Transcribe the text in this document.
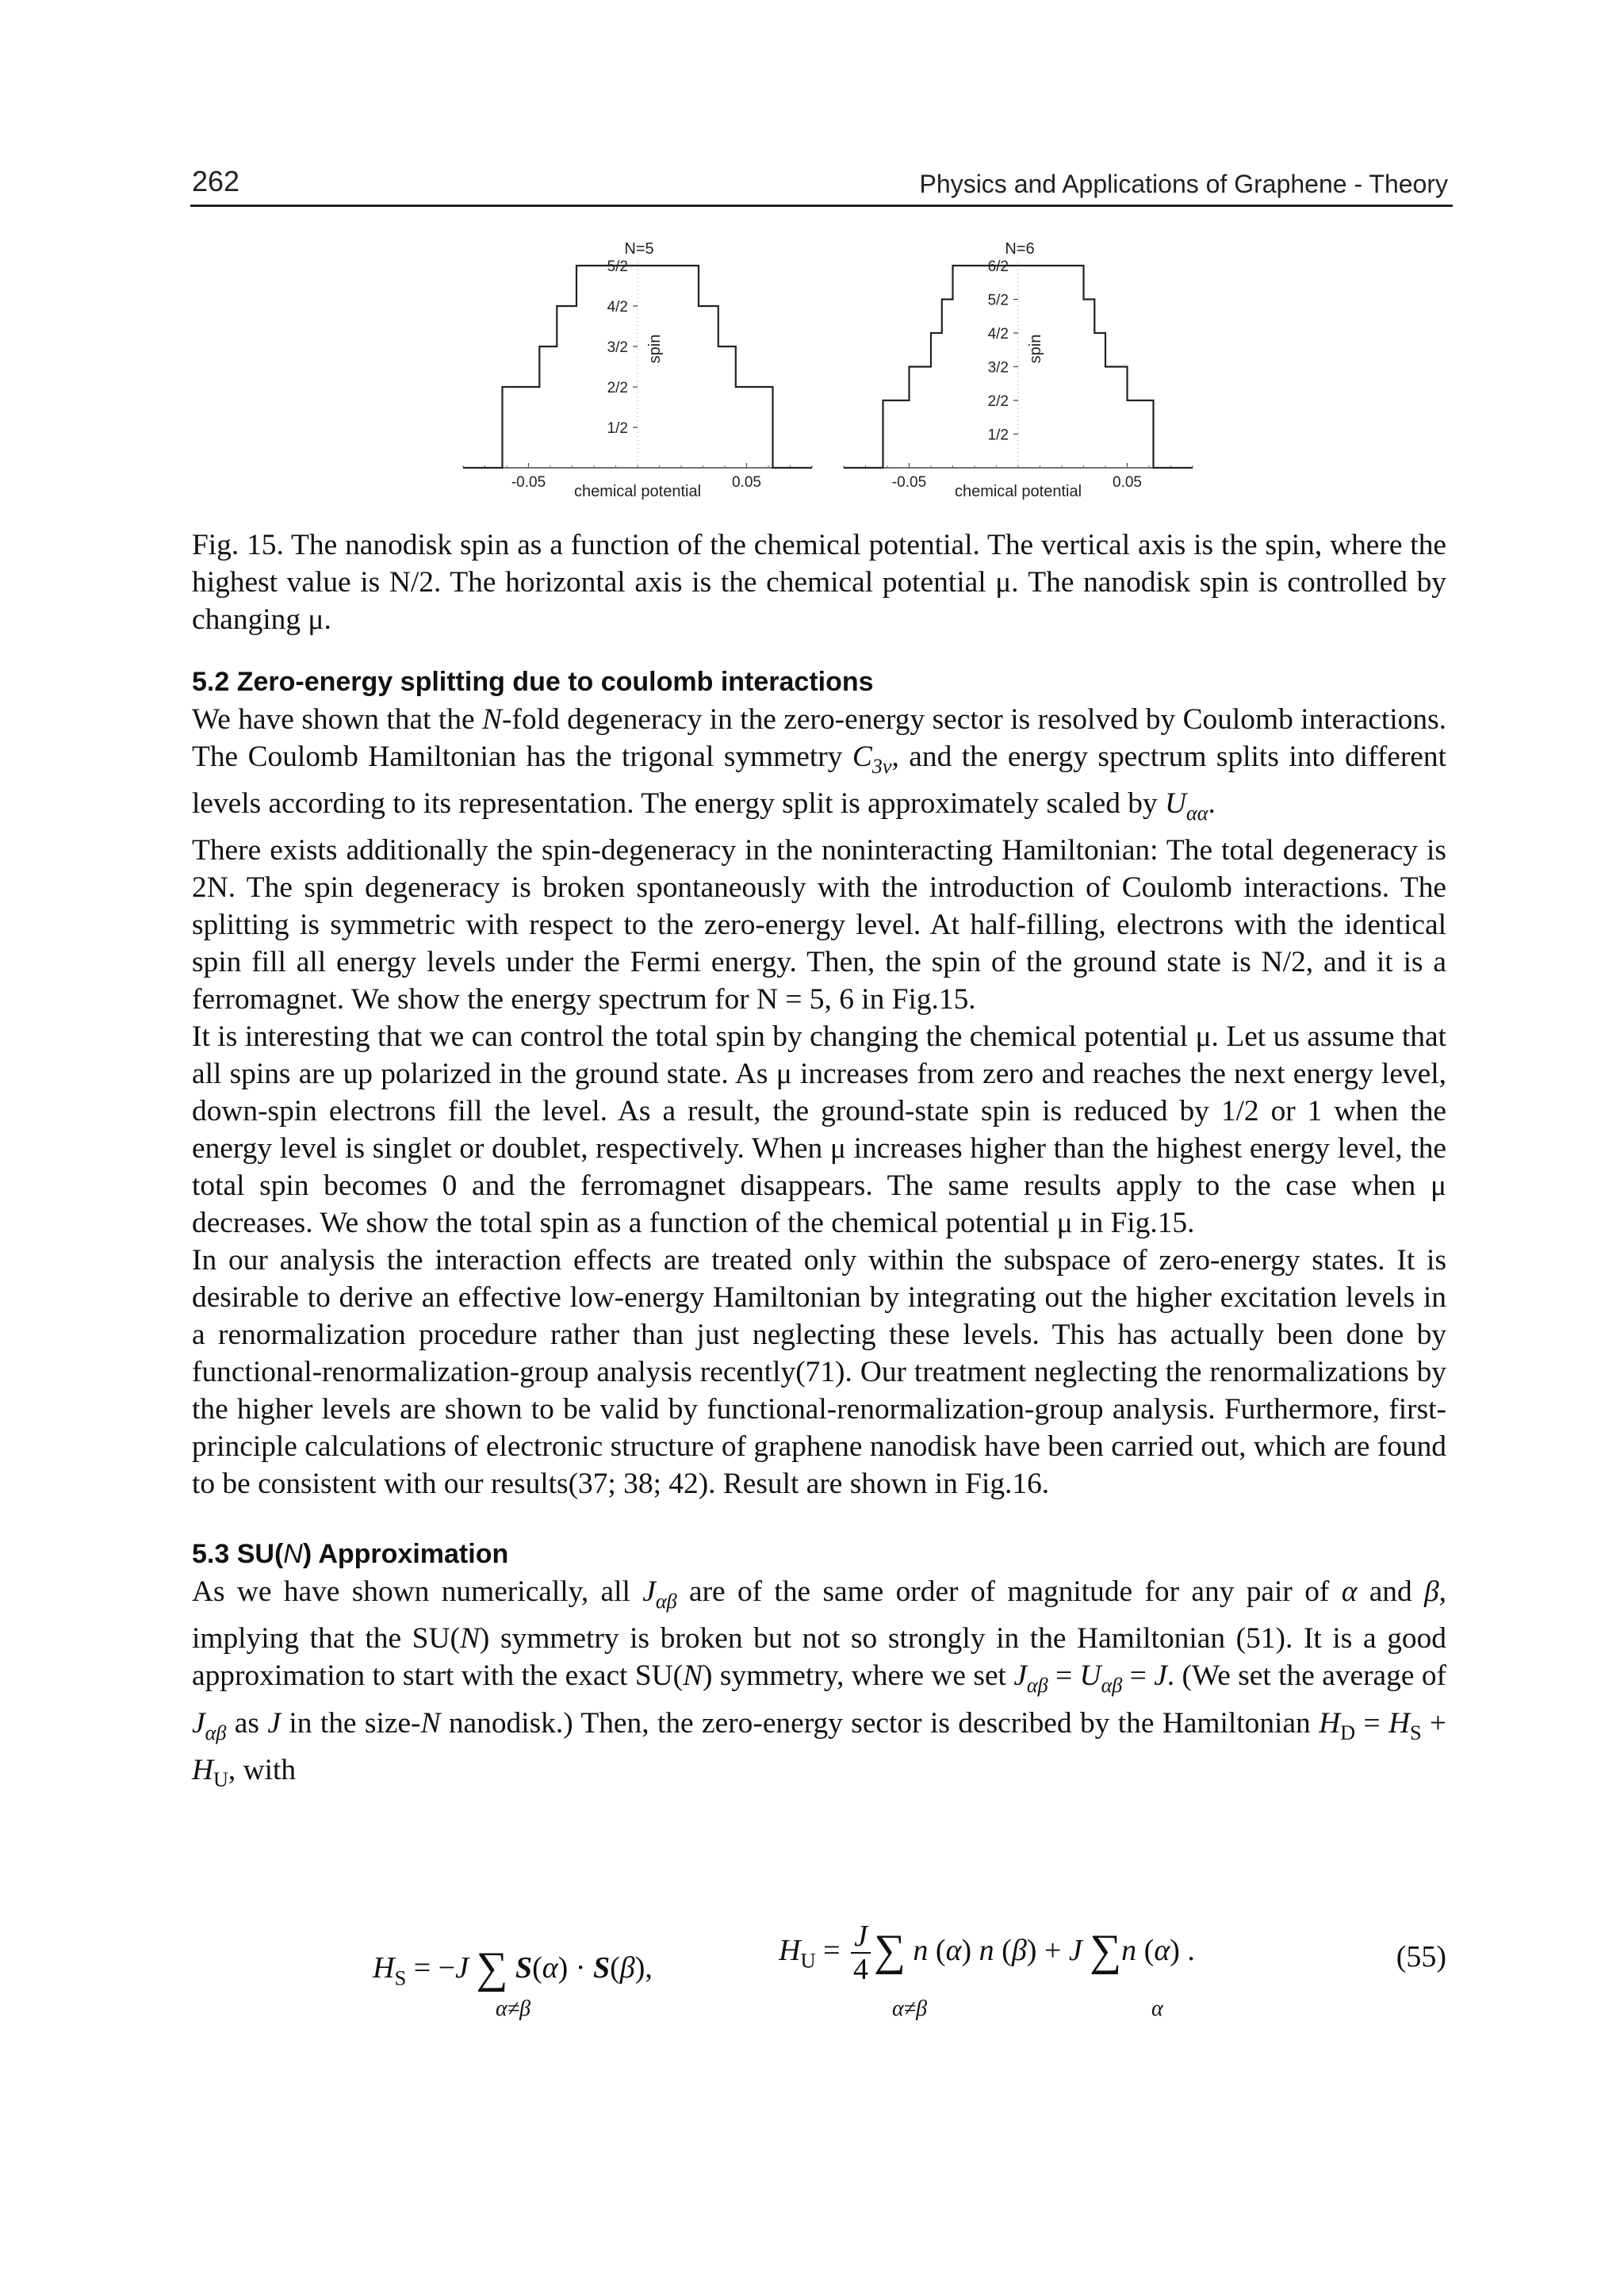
262	Physics and Applications of Graphene - Theory
N=5
1/2
2/2
3/2
4/2
5/2
-0.05	0.05
chemical potential
spin
N=6
1/2
2/2
3/2
4/2
5/2
6/2
-0.05	0.05
chemical potential
spin

Fig. 15. The nanodisk spin as a function of the chemical potential. The vertical axis is the spin, where the highest value is N/2. The horizontal axis is the chemical potential μ. The nanodisk spin is controlled by changing μ.

5.2 Zero-energy splitting due to coulomb interactions

We have shown that the N-fold degeneracy in the zero-energy sector is resolved by Coulomb interactions. The Coulomb Hamiltonian has the trigonal symmetry $C_{3v}$, and the energy spectrum splits into different levels according to its representation. The energy split is approximately scaled by $U_{\alpha\alpha}$.

There exists additionally the spin-degeneracy in the noninteracting Hamiltonian: The total degeneracy is 2N. The spin degeneracy is broken spontaneously with the introduction of Coulomb interactions. The splitting is symmetric with respect to the zero-energy level. At half-filling, electrons with the identical spin fill all energy levels under the Fermi energy. Then, the spin of the ground state is N/2, and it is a ferromagnet. We show the energy spectrum for N = 5, 6 in Fig.15.

It is interesting that we can control the total spin by changing the chemical potential μ. Let us assume that all spins are up polarized in the ground state. As μ increases from zero and reaches the next energy level, down-spin electrons fill the level. As a result, the ground-state spin is reduced by 1/2 or 1 when the energy level is singlet or doublet, respectively. When μ increases higher than the highest energy level, the total spin becomes 0 and the ferromagnet disappears. The same results apply to the case when μ decreases. We show the total spin as a function of the chemical potential μ in Fig.15.

In our analysis the interaction effects are treated only within the subspace of zero-energy states. It is desirable to derive an effective low-energy Hamiltonian by integrating out the higher excitation levels in a renormalization procedure rather than just neglecting these levels. This has actually been done by functional-renormalization-group analysis recently(71). Our treatment neglecting the renormalizations by the higher levels are shown to be valid by functional-renormalization-group analysis. Furthermore, first-principle calculations of electronic structure of graphene nanodisk have been carried out, which are found to be consistent with our results(37; 38; 42). Result are shown in Fig.16.

5.3 SU(N) Approximation

As we have shown numerically, all $J_{\alpha\beta}$ are of the same order of magnitude for any pair of α and β, implying that the SU(N) symmetry is broken but not so strongly in the Hamiltonian (51). It is a good approximation to start with the exact SU(N) symmetry, where we set $J_{\alpha\beta} = U_{\alpha\beta} = J$. (We set the average of $J_{\alpha\beta}$ as J in the size-N nanodisk.) Then, the zero-energy sector is described by the Hamiltonian $H_D = H_S + H_U$, with

$H_S = -J$ ∑ S(α) · S(β),
α≠β
$H_U = \frac{J}{4}$ ∑ n (α) n (β) + J ∑n (α) .
α≠β	α
(55)
